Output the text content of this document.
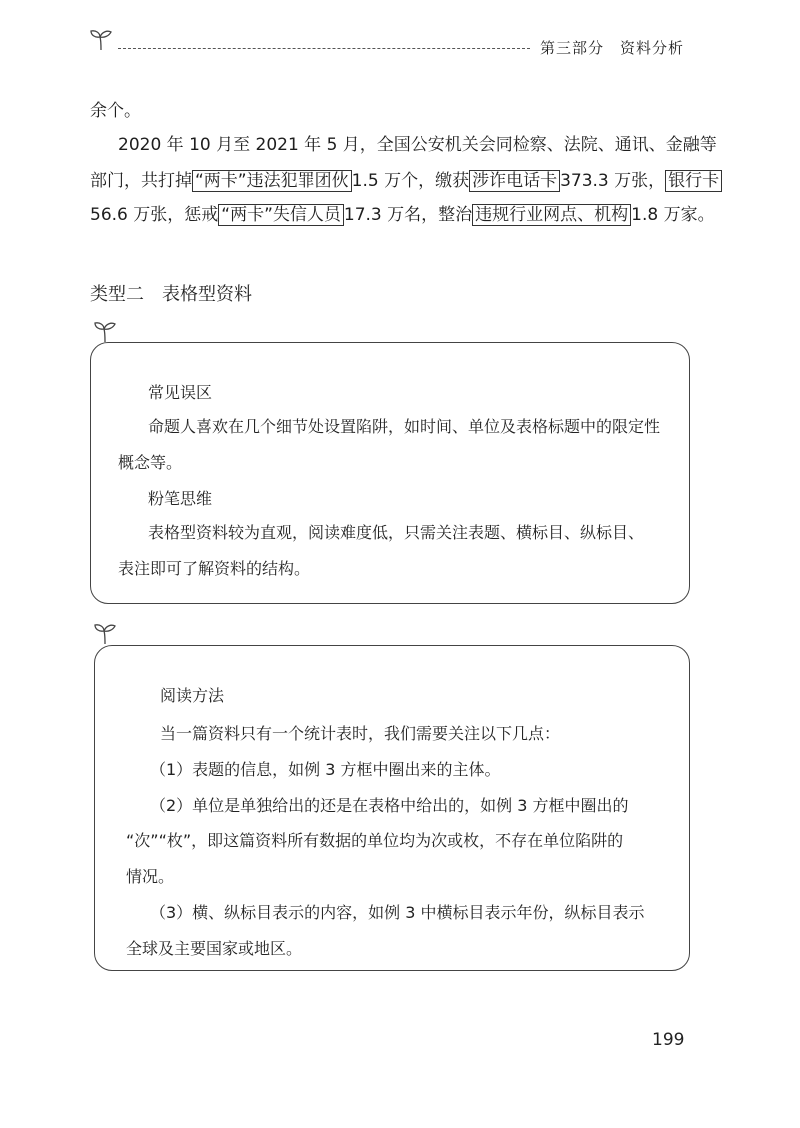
第三部分　资料分析
余个。
2020 年 10 月至 2021 年 5 月，全国公安机关会同检察、法院、通讯、金融等
部门，共打掉 “两卡”违法犯罪团伙 1.5 万个，缴获 涉诈电话卡 373.3 万张， 银行卡
56.6 万张，惩戒 “两卡”失信人员 17.3 万名，整治 违规行业网点、机构 1.8 万家。
类型二　表格型资料
常见误区
命题人喜欢在几个细节处设置陷阱，如时间、单位及表格标题中的限定性
概念等。
粉笔思维
表格型资料较为直观，阅读难度低，只需关注表题、横标目、纵标目、
表注即可了解资料的结构。
阅读方法
当一篇资料只有一个统计表时，我们需要关注以下几点：
（1）表题的信息，如例 3 方框中圈出来的主体。
（2）单位是单独给出的还是在表格中给出的，如例 3 方框中圈出的
“次”“枚”，即这篇资料所有数据的单位均为次或枚，不存在单位陷阱的
情况。
（3）横、纵标目表示的内容，如例 3 中横标目表示年份，纵标目表示
全球及主要国家或地区。
199
